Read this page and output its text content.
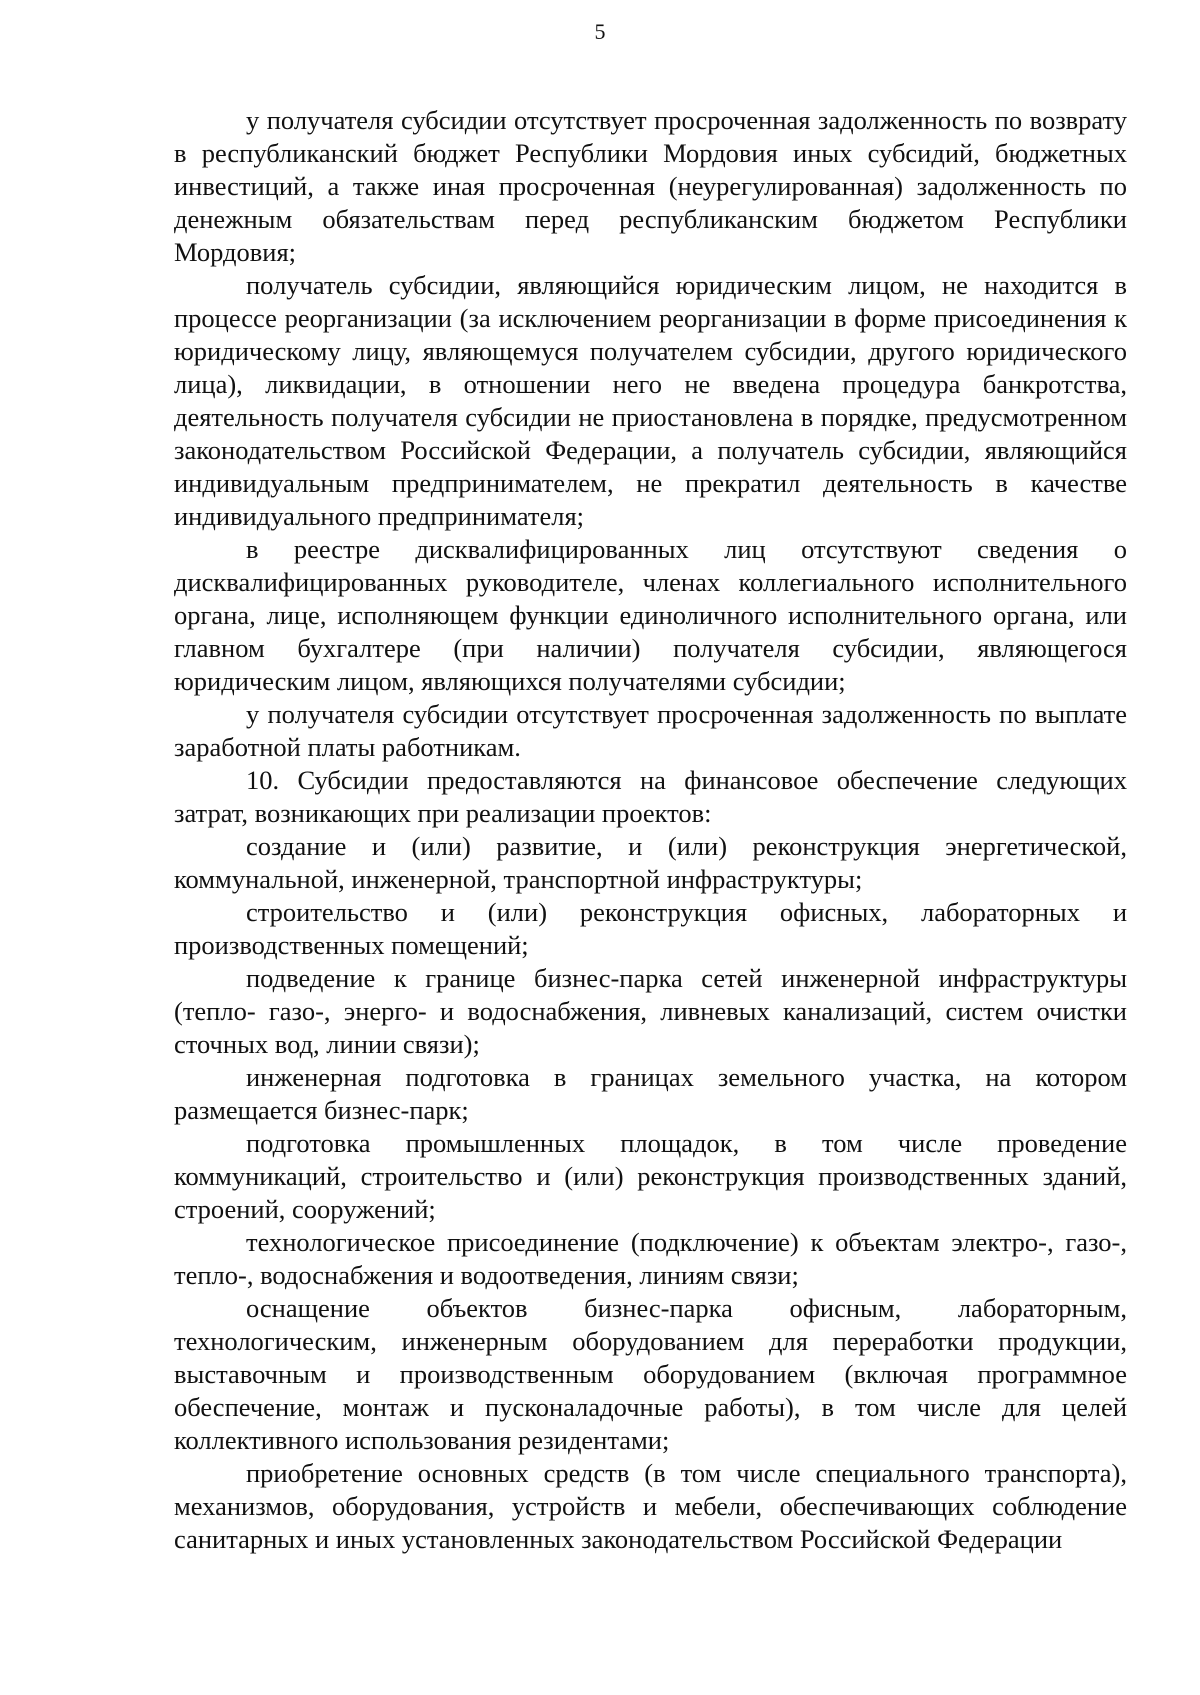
5

у получателя субсидии отсутствует просроченная задолженность по возврату в республиканский бюджет Республики Мордовия иных субсидий, бюджетных инвестиций, а также иная просроченная (неурегулированная) задолженность по денежным обязательствам перед республиканским бюджетом Республики Мордовия;

получатель субсидии, являющийся юридическим лицом, не находится в процессе реорганизации (за исключением реорганизации в форме присоединения к юридическому лицу, являющемуся получателем субсидии, другого юридического лица), ликвидации, в отношении него не введена процедура банкротства, деятельность получателя субсидии не приостановлена в порядке, предусмотренном законодательством Российской Федерации, а получатель субсидии, являющийся индивидуальным предпринимателем, не прекратил деятельность в качестве индивидуального предпринимателя;

в реестре дисквалифицированных лиц отсутствуют сведения о дисквалифицированных руководителе, членах коллегиального исполнительного органа, лице, исполняющем функции единоличного исполнительного органа, или главном бухгалтере (при наличии) получателя субсидии, являющегося юридическим лицом, являющихся получателями субсидии;

у получателя субсидии отсутствует просроченная задолженность по выплате заработной платы работникам.

10. Субсидии предоставляются на финансовое обеспечение следующих затрат, возникающих при реализации проектов:

создание и (или) развитие, и (или) реконструкция энергетической, коммунальной, инженерной, транспортной инфраструктуры;

строительство и (или) реконструкция офисных, лабораторных и производственных помещений;

подведение к границе бизнес-парка сетей инженерной инфраструктуры (тепло- газо-, энерго- и водоснабжения, ливневых канализаций, систем очистки сточных вод, линии связи);

инженерная подготовка в границах земельного участка, на котором размещается бизнес-парк;

подготовка промышленных площадок, в том числе проведение коммуникаций, строительство и (или) реконструкция производственных зданий, строений, сооружений;

технологическое присоединение (подключение) к объектам электро-, газо-, тепло-, водоснабжения и водоотведения, линиям связи;

оснащение объектов бизнес-парка офисным, лабораторным, технологическим, инженерным оборудованием для переработки продукции, выставочным и производственным оборудованием (включая программное обеспечение, монтаж и пусконаладочные работы), в том числе для целей коллективного использования резидентами;

приобретение основных средств (в том числе специального транспорта), механизмов, оборудования, устройств и мебели, обеспечивающих соблюдение санитарных и иных установленных законодательством Российской Федерации
